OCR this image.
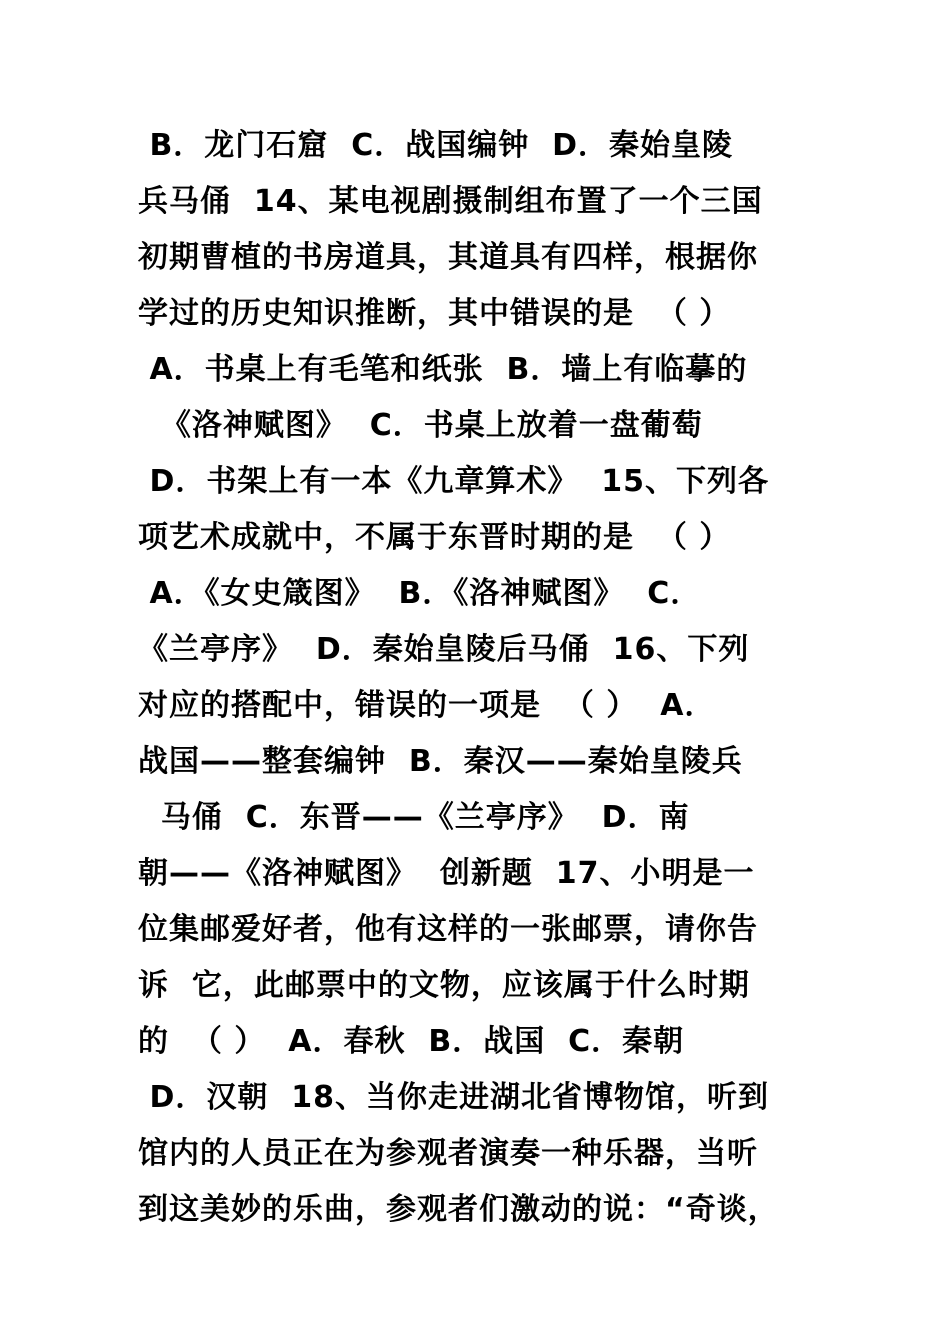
B．龙门石窟  C．战国编钟  D．秦始皇陵
兵马俑  14、某电视剧摄制组布置了一个三国
初期曹植的书房道具，其道具有四样，根据你
学过的历史知识推断，其中错误的是  （ ）
A．书桌上有毛笔和纸张  B．墙上有临摹的
《洛神赋图》  C．书桌上放着一盘葡萄
D．书架上有一本《九章算术》  15、下列各
项艺术成就中，不属于东晋时期的是  （ ）
A．《女史箴图》  B．《洛神赋图》  C．
《兰亭序》  D．秦始皇陵后马俑  16、下列
对应的搭配中，错误的一项是  （ ）  A．
战国——整套编钟  B．秦汉——秦始皇陵兵
马俑  C．东晋——《兰亭序》  D．南
朝——《洛神赋图》  创新题  17、小明是一
位集邮爱好者，他有这样的一张邮票，请你告
诉  它，此邮票中的文物，应该属于什么时期
的  （ ）  A．春秋  B．战国  C．秦朝
D．汉朝  18、当你走进湖北省博物馆，听到
馆内的人员正在为参观者演奏一种乐器，当听
到这美妙的乐曲，参观者们激动的说：“奇谈，
